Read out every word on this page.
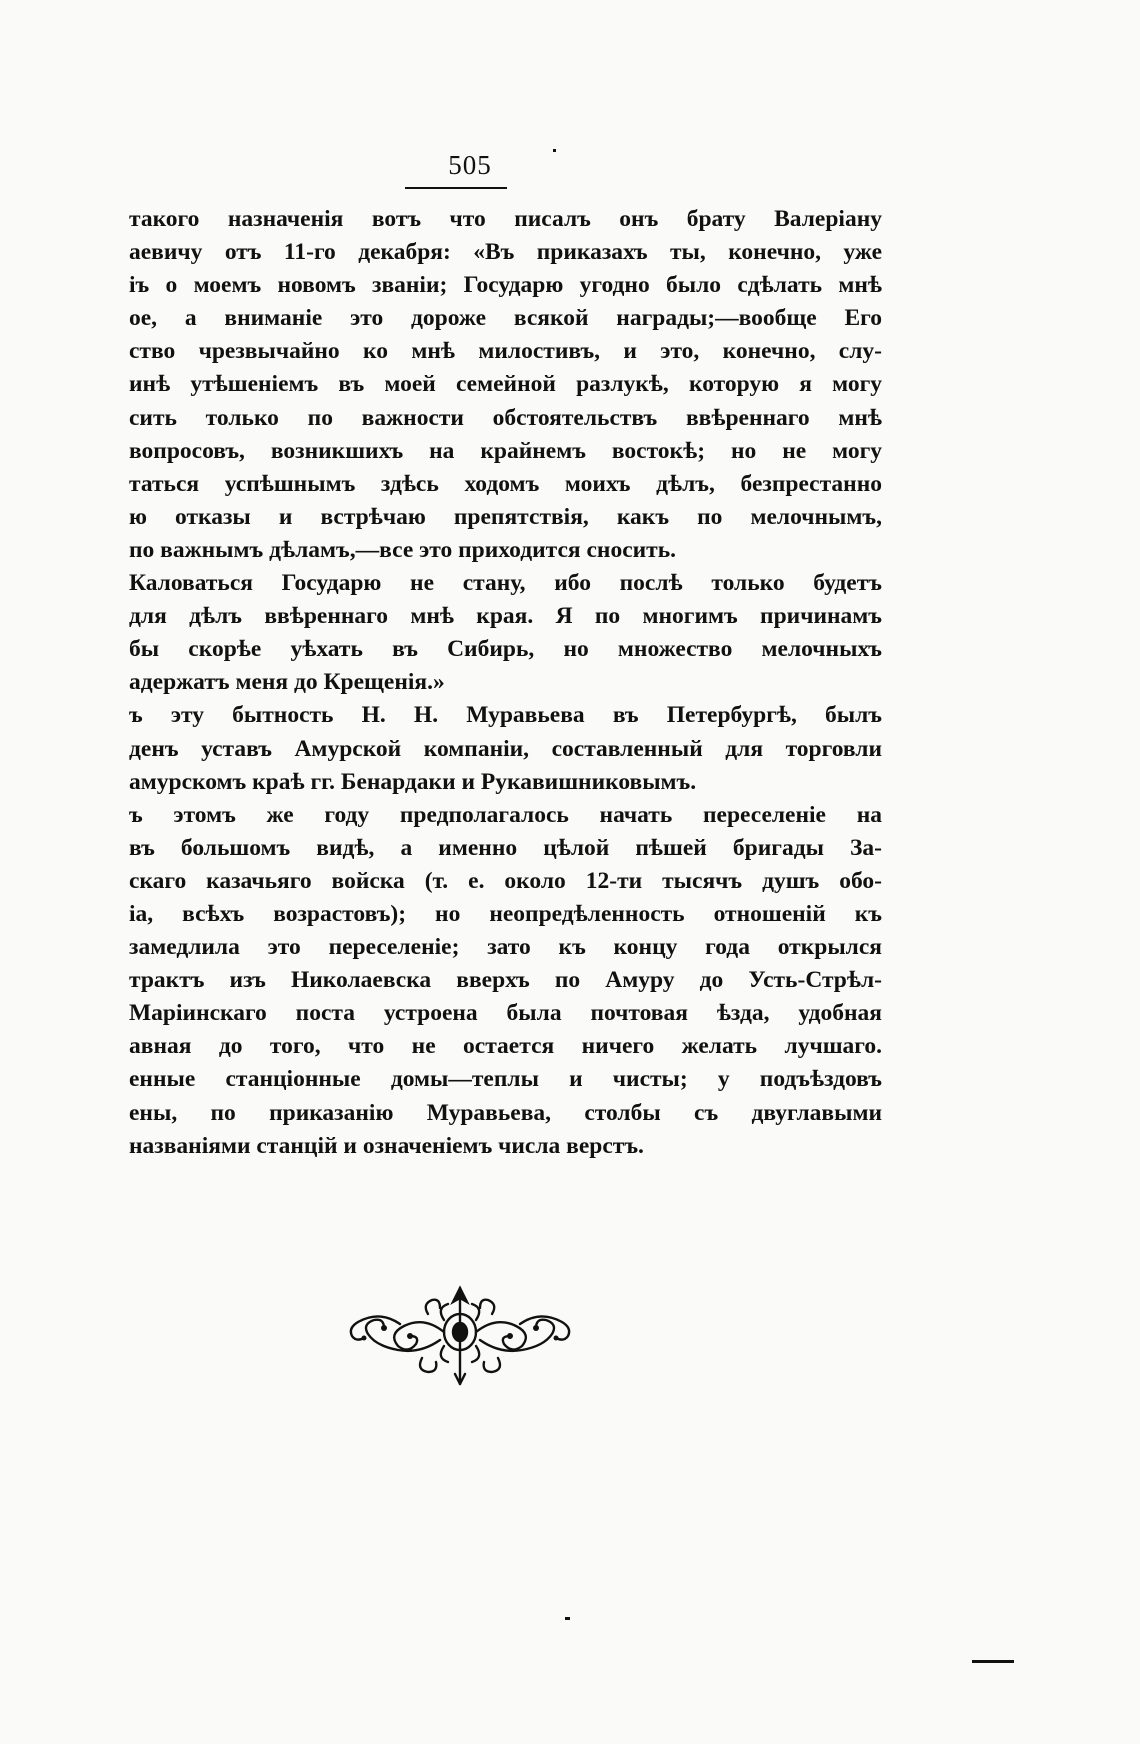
505
такого назначенія вотъ что писалъ онъ брату Валеріану
аевичу отъ 11-го декабря: «Въ приказахъ ты, конечно, уже
іъ о моемъ новомъ званіи; Государю угодно было сдѣлать мнѣ
ое, а вниманіе это дороже всякой награды;—вообще Его
ство чрезвычайно ко мнѣ милостивъ, и это, конечно, слу-
инѣ утѣшеніемъ въ моей семейной разлукѣ, которую я могу
сить только по важности обстоятельствъ ввѣреннаго мнѣ
вопросовъ, возникшихъ на крайнемъ востокѣ; но не могу
таться успѣшнымъ здѣсь ходомъ моихъ дѣлъ, безпрестанно
ю отказы и встрѣчаю препятствія, какъ по мелочнымъ,
по важнымъ дѣламъ,—все это приходится сносить.
Каловаться Государю не стану, ибо послѣ только будетъ
для дѣлъ ввѣреннаго мнѣ края. Я по многимъ причинамъ
бы скорѣе уѣхать въ Сибирь, но множество мелочныхъ
адержатъ меня до Крещенія.»
ъ эту бытность Н. Н. Муравьева въ Петербургѣ, былъ
денъ уставъ Амурской компаніи, составленный для торговли
амурскомъ краѣ гг. Бенардаки и Рукавишниковымъ.
ъ этомъ же году предполагалось начать переселеніе на
въ большомъ видѣ, а именно цѣлой пѣшей бригады За-
скаго казачьяго войска (т. е. около 12-ти тысячъ душъ обо-
іа, всѣхъ возрастовъ); но неопредѣленность отношеній къ
замедлила это переселеніе; зато къ концу года открылся
трактъ изъ Николаевска вверхъ по Амуру до Усть-Стрѣл-
Маріинскаго поста устроена была почтовая ѣзда, удобная
авная до того, что не остается ничего желать лучшаго.
енные станціонные домы—теплы и чисты; у подъѣздовъ
ены, по приказанію Муравьева, столбы съ двуглавыми
названіями станцій и означеніемъ числа верстъ.
